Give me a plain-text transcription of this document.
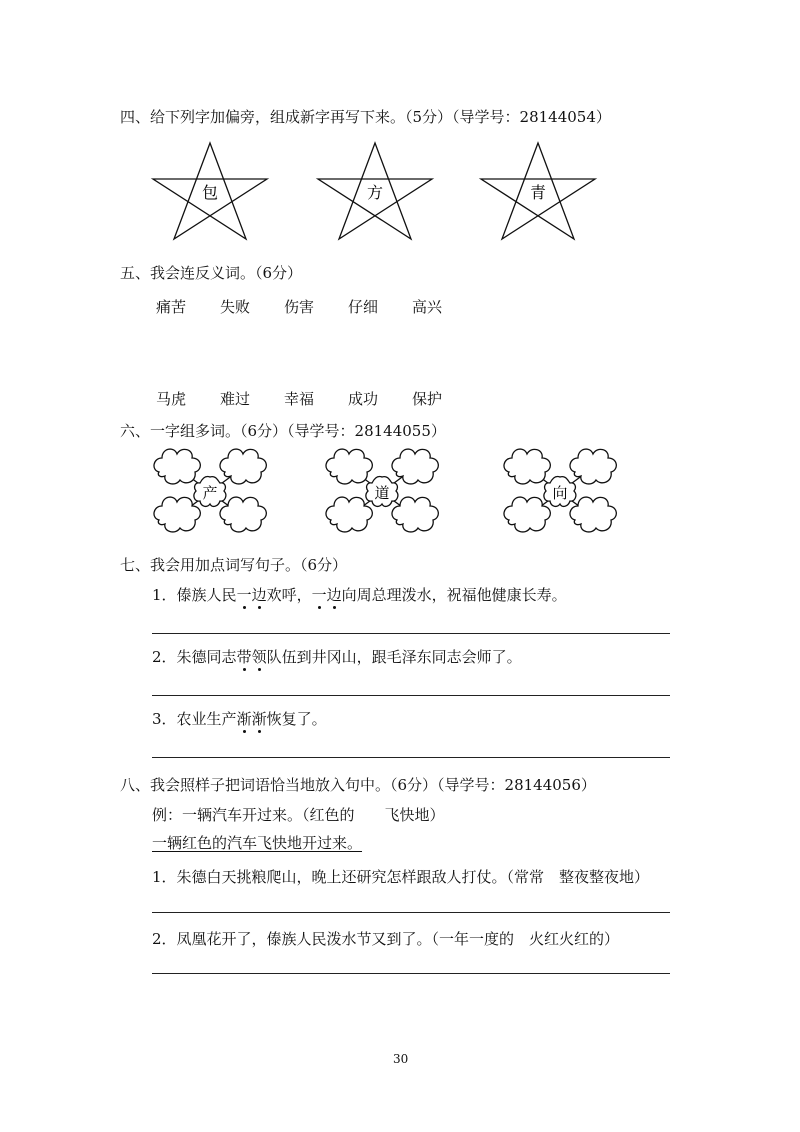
四、给下列字加偏旁，组成新字再写下来。（5分）（导学号：28144054）
包	方	青
五、我会连反义词。（6分）
痛苦 失败 伤害 仔细 高兴
马虎 难过 幸福 成功 保护
六、一字组多词。（6分）（导学号：28144055）
产	道	向
七、我会用加点词写句子。（6分）
1．傣族人民一边欢呼，一边向周总理泼水，祝福他健康长寿。
2．朱德同志带领队伍到井冈山，跟毛泽东同志会师了。
3．农业生产渐渐恢复了。
八、我会照样子把词语恰当地放入句中。（6分）（导学号：28144056）
例：一辆汽车开过来。（红色的　　飞快地）
一辆红色的汽车飞快地开过来。
1．朱德白天挑粮爬山，晚上还研究怎样跟敌人打仗。（常常　整夜整夜地）
2．凤凰花开了，傣族人民泼水节又到了。（一年一度的　火红火红的）
30
